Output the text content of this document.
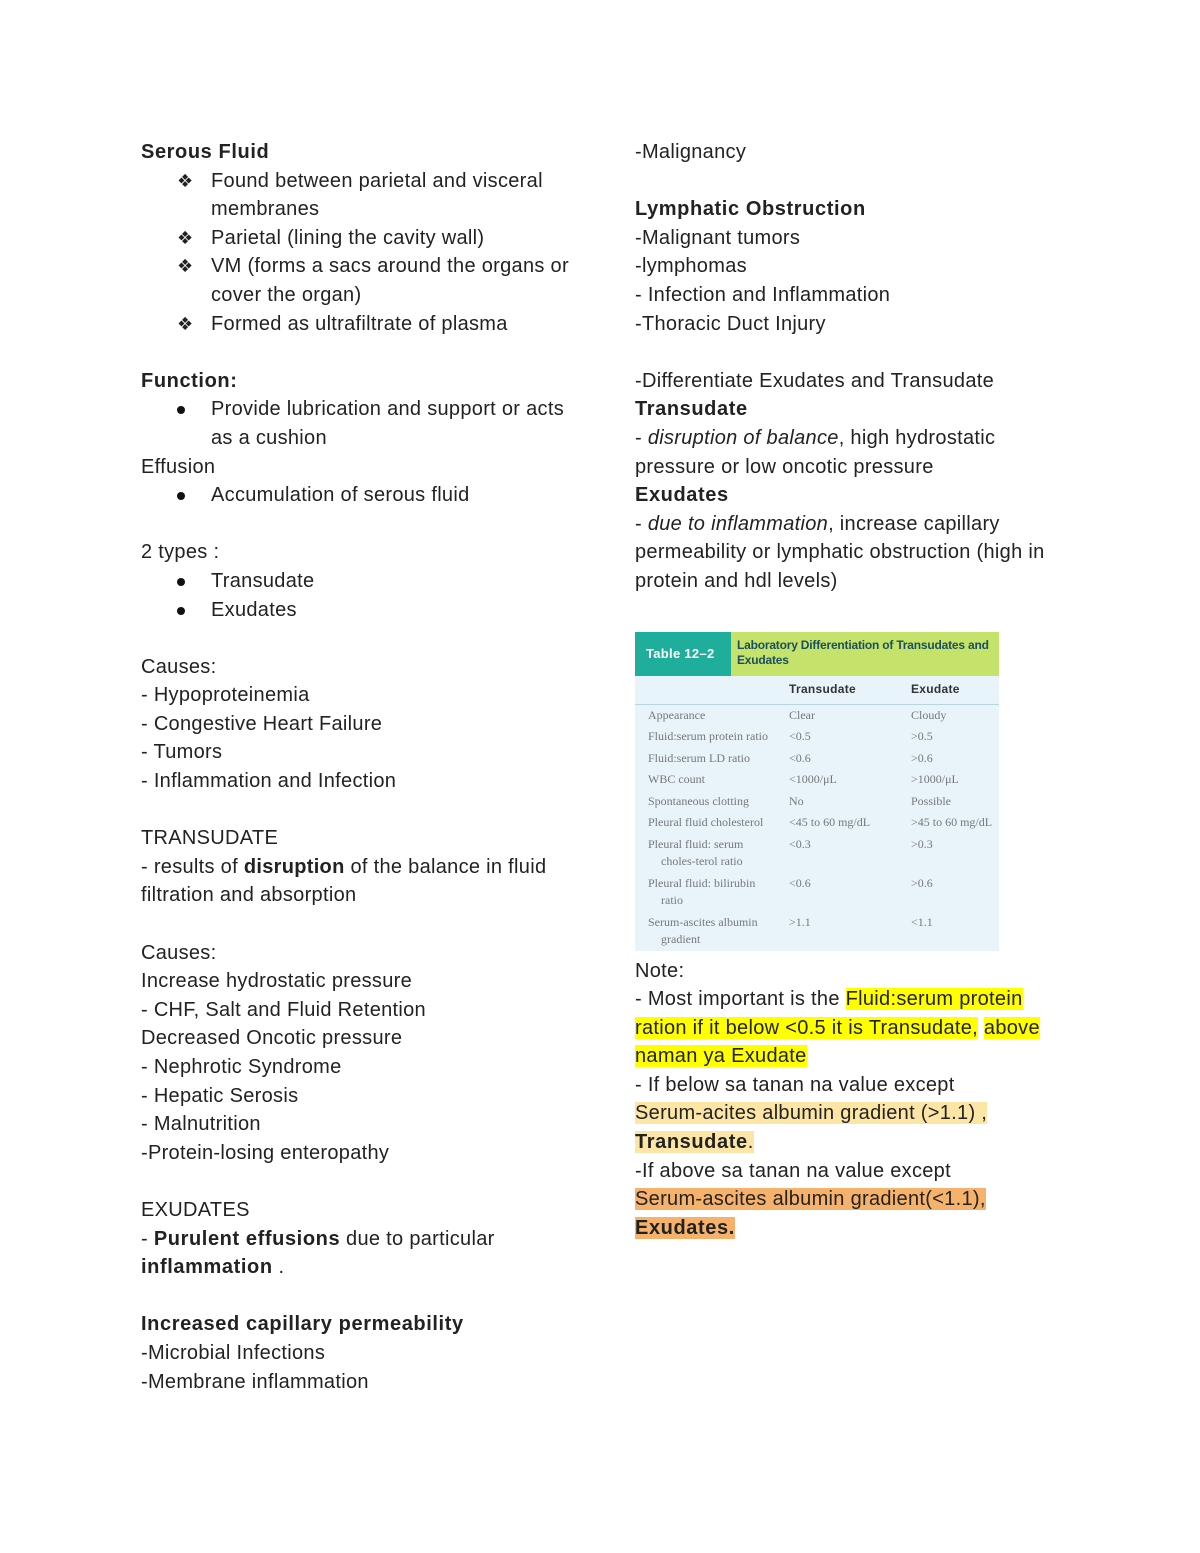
Serous Fluid

❖ Found between parietal and visceral membranes
❖ Parietal (lining the cavity wall)
❖ VM (forms a sacs around the organs or cover the organ)
❖ Formed as ultrafiltrate of plasma

Function:

Provide lubrication and support or acts as a cushion

Effusion

Accumulation of serous fluid

2 types :

Transudate
Exudates

Causes:

- Hypoproteinemia

- Congestive Heart Failure

- Tumors

- Inflammation and Infection

TRANSUDATE

- results of disruption of the balance in fluid filtration and absorption

Causes:

Increase hydrostatic pressure

- CHF, Salt and Fluid Retention

Decreased Oncotic pressure

- Nephrotic Syndrome

- Hepatic Serosis

- Malnutrition

-Protein-losing enteropathy

EXUDATES

- Purulent effusions due to particular inflammation .

Increased capillary permeability

-Microbial Infections

-Membrane inflammation

-Malignancy

Lymphatic Obstruction

-Malignant tumors

-lymphomas

- Infection and Inflammation

-Thoracic Duct Injury

-Differentiate Exudates and Transudate

Transudate

- disruption of balance, high hydrostatic pressure or low oncotic pressure

Exudates

- due to inflammation, increase capillary permeability or lymphatic obstruction (high in protein and hdl levels)

Table 12–2
Laboratory Differentiation of Transudates and Exudates
Transudate	Exudate
Appearance	Clear	Cloudy
Fluid:serum protein ratio	<0.5	>0.5
Fluid:serum LD ratio	<0.6	>0.6
WBC count	<1000/μL	>1000/μL
Spontaneous clotting	No	Possible
Pleural fluid cholesterol	<45 to 60 mg/dL	>45 to 60 mg/dL
Pleural fluid: serum choles-terol ratio
<0.3	>0.3
Pleural fluid: bilirubin ratio
<0.6	>0.6
Serum-ascites albumin gradient
>1.1	<1.1

Note:

- Most important is the Fluid:serum protein ration if it below <0.5 it is Transudate, above naman ya Exudate

- If below sa tanan na value except

Serum-acites albumin gradient (>1.1) ,
Transudate.

-If above sa tanan na value except

Serum-ascites albumin gradient(<1.1),
Exudates.
